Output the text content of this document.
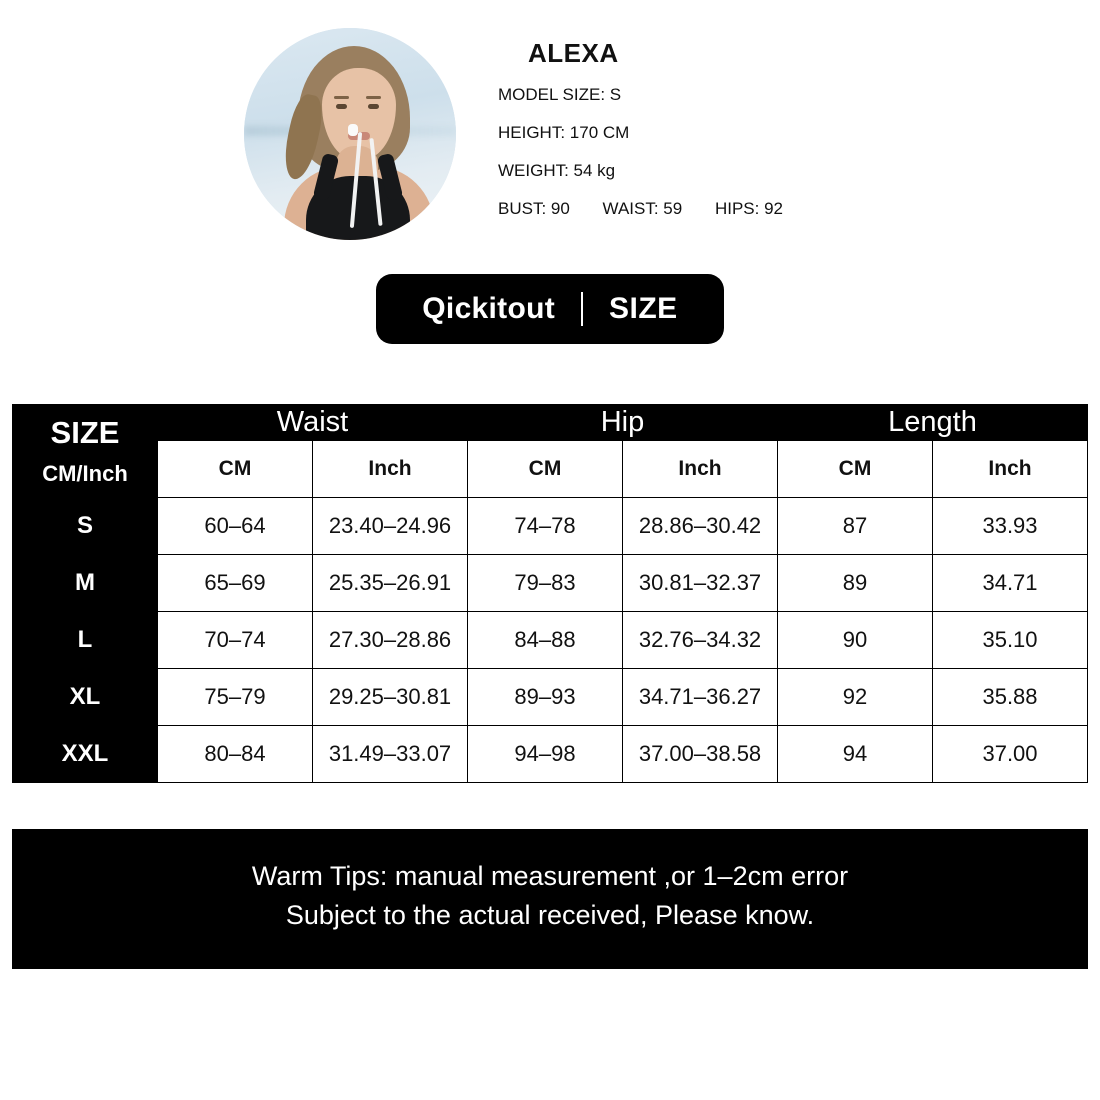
ALEXA
MODEL SIZE: S
HEIGHT: 170 CM
WEIGHT: 54 kg
BUST: 90 WAIST: 59 HIPS: 92
Qickitout SIZE
SIZE
CM/Inch	Waist		Hip		Length	
	CM	Inch	CM	Inch	CM	Inch
S	60–64	23.40–24.96	74–78	28.86–30.42	87	33.93
M	65–69	25.35–26.91	79–83	30.81–32.37	89	34.71
L	70–74	27.30–28.86	84–88	32.76–34.32	90	35.10
XL	75–79	29.25–30.81	89–93	34.71–36.27	92	35.88
XXL	80–84	31.49–33.07	94–98	37.00–38.58	94	37.00
Warm Tips: manual measurement ,or 1–2cm error
Subject to the actual received, Please know.
